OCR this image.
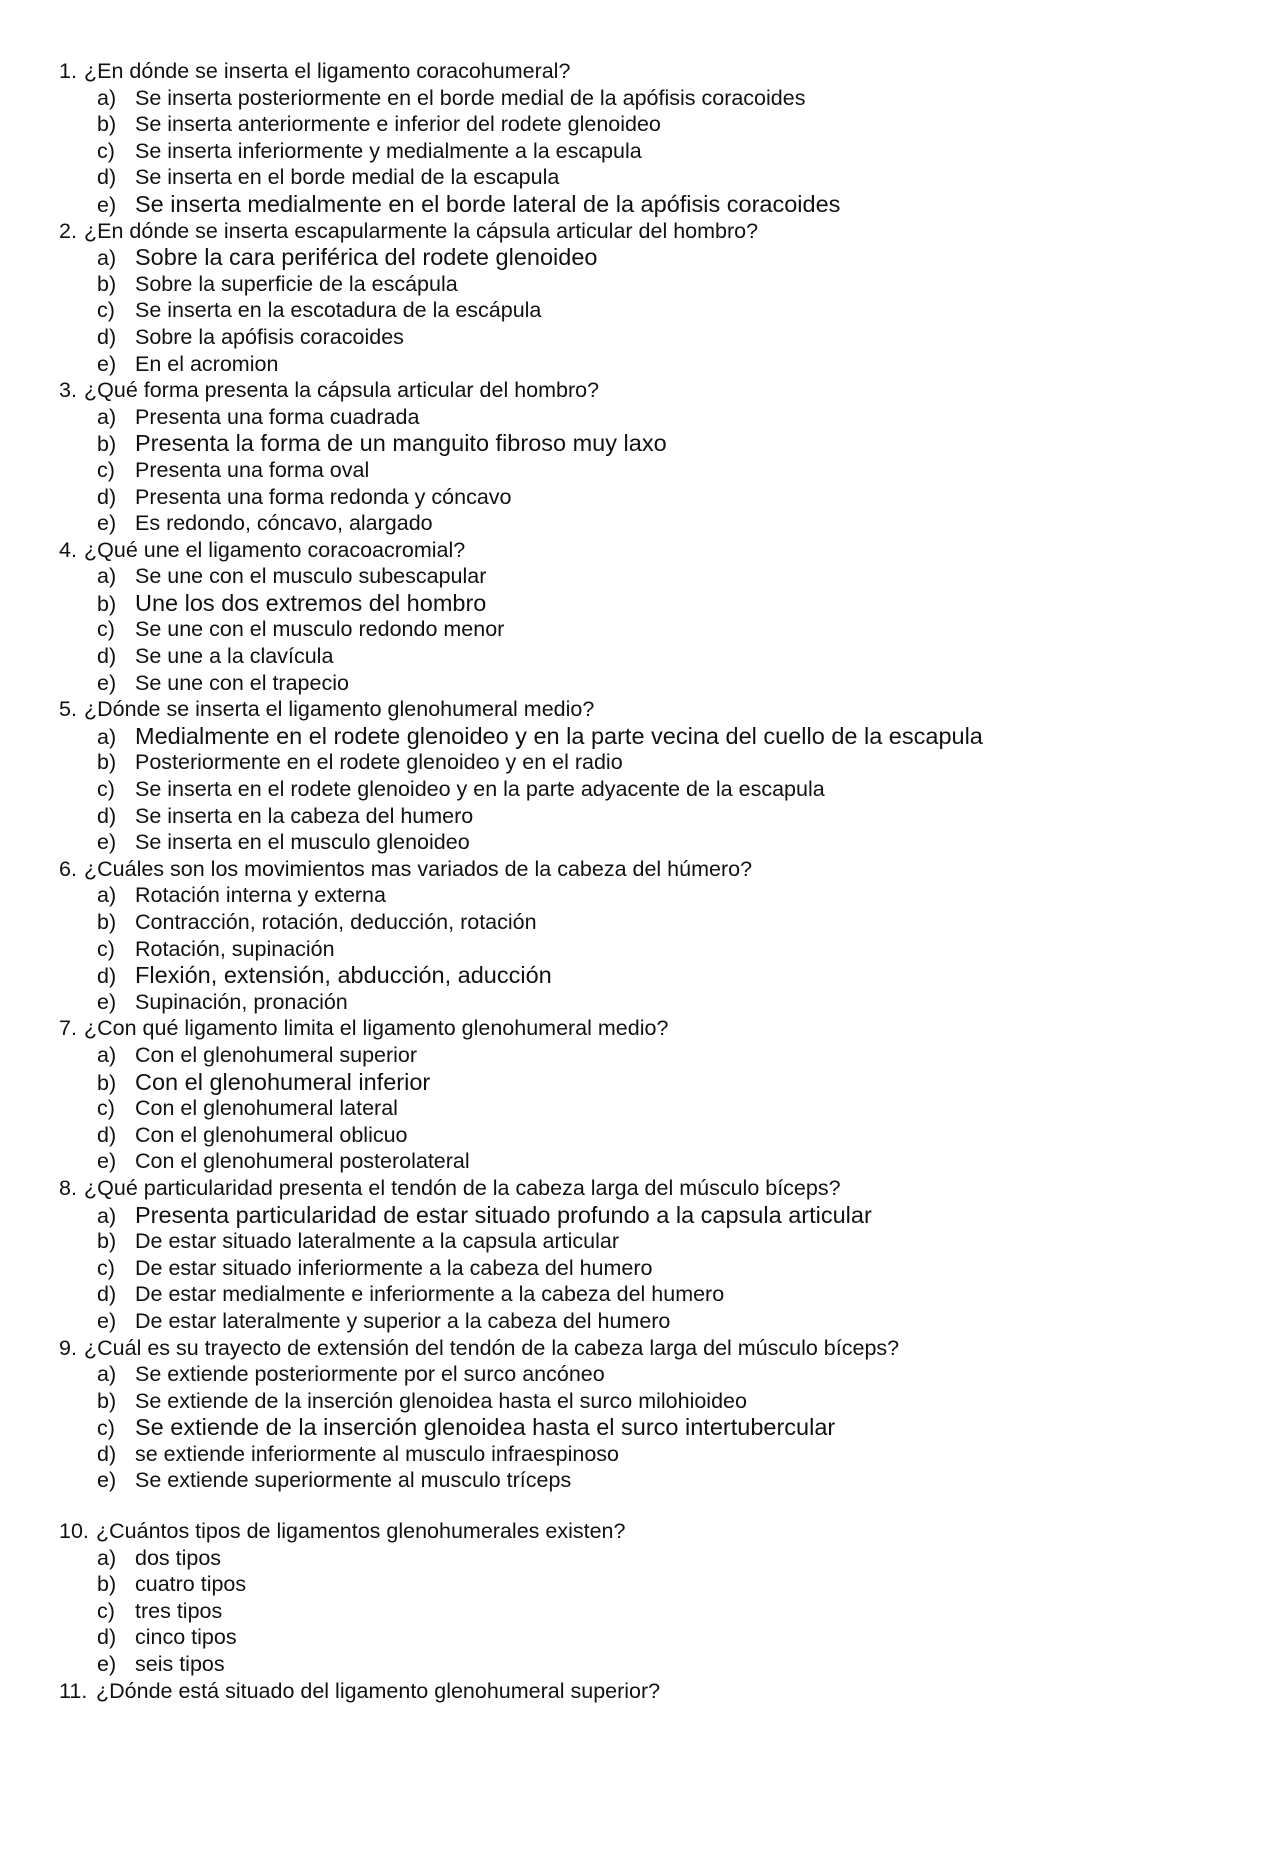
1. ¿En dónde se inserta el ligamento coracohumeral?
a) Se inserta posteriormente en el borde medial de la apófisis coracoides
b) Se inserta anteriormente e inferior del rodete glenoideo
c) Se inserta inferiormente y medialmente a la escapula
d) Se inserta en el borde medial de la escapula
e) Se inserta medialmente en el borde lateral de la apófisis coracoides
2. ¿En dónde se inserta escapularmente la cápsula articular del hombro?
a) Sobre la cara periférica del rodete glenoideo
b) Sobre la superficie de la escápula
c) Se inserta en la escotadura de la escápula
d) Sobre la apófisis coracoides
e) En el acromion
3. ¿Qué forma presenta la cápsula articular del hombro?
a) Presenta una forma cuadrada
b) Presenta la forma de un manguito fibroso muy laxo
c) Presenta una forma oval
d) Presenta una forma redonda y cóncavo
e) Es redondo, cóncavo, alargado
4. ¿Qué une el ligamento coracoacromial?
a) Se une con el musculo subescapular
b) Une los dos extremos del hombro
c) Se une con el musculo redondo menor
d) Se une a la clavícula
e) Se une con el trapecio
5. ¿Dónde se inserta el ligamento glenohumeral medio?
a) Medialmente en el rodete glenoideo y en la parte vecina del cuello de la escapula
b) Posteriormente en el rodete glenoideo y en el radio
c) Se inserta en el rodete glenoideo y en la parte adyacente de la escapula
d) Se inserta en la cabeza del humero
e) Se inserta en el musculo glenoideo
6. ¿Cuáles son los movimientos mas variados de la cabeza del húmero?
a) Rotación interna y externa
b) Contracción, rotación, deducción, rotación
c) Rotación, supinación
d) Flexión, extensión, abducción, aducción
e) Supinación, pronación
7. ¿Con qué ligamento limita el ligamento glenohumeral medio?
a) Con el glenohumeral superior
b) Con el glenohumeral inferior
c) Con el glenohumeral lateral
d) Con el glenohumeral oblicuo
e) Con el glenohumeral posterolateral
8. ¿Qué particularidad presenta el tendón de la cabeza larga del músculo bíceps?
a) Presenta particularidad de estar situado profundo a la capsula articular
b) De estar situado lateralmente a la capsula articular
c) De estar situado inferiormente a la cabeza del humero
d) De estar medialmente e inferiormente a la cabeza del humero
e) De estar lateralmente y superior a la cabeza del humero
9. ¿Cuál es su trayecto de extensión del tendón de la cabeza larga del músculo bíceps?
a) Se extiende posteriormente por el surco ancóneo
b) Se extiende de la inserción glenoidea hasta el surco milohioideo
c) Se extiende de la inserción glenoidea hasta el surco intertubercular
d) se extiende inferiormente al musculo infraespinoso
e) Se extiende superiormente al musculo tríceps
10. ¿Cuántos tipos de ligamentos glenohumerales existen?
a) dos tipos
b) cuatro tipos
c) tres tipos
d) cinco tipos
e) seis tipos
11. ¿Dónde está situado del ligamento glenohumeral superior?
